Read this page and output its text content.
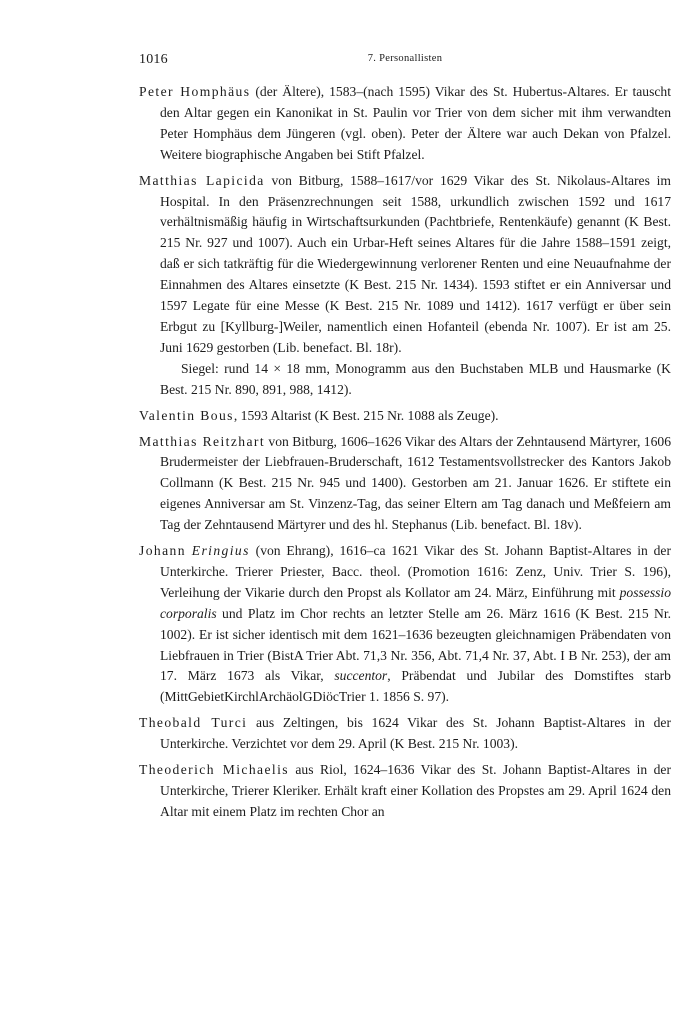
1016	7. Personallisten

Peter Homphäus (der Ältere), 1583–(nach 1595) Vikar des St. Hubertus-Altares. Er tauscht den Altar gegen ein Kanonikat in St. Paulin vor Trier von dem sicher mit ihm verwandten Peter Homphäus dem Jüngeren (vgl. oben). Peter der Ältere war auch Dekan von Pfalzel. Weitere biographische Angaben bei Stift Pfalzel.

Matthias Lapicida von Bitburg, 1588–1617/vor 1629 Vikar des St. Nikolaus-Altares im Hospital. In den Präsenzrechnungen seit 1588, urkundlich zwischen 1592 und 1617 verhältnismäßig häufig in Wirtschaftsurkunden (Pachtbriefe, Rentenkäufe) genannt (K Best. 215 Nr. 927 und 1007). Auch ein Urbar-Heft seines Altares für die Jahre 1588–1591 zeigt, daß er sich tatkräftig für die Wiedergewinnung verlorener Renten und eine Neuaufnahme der Einnahmen des Altares einsetzte (K Best. 215 Nr. 1434). 1593 stiftet er ein Anniversar und 1597 Legate für eine Messe (K Best. 215 Nr. 1089 und 1412). 1617 verfügt er über sein Erbgut zu [Kyllburg-]Weiler, namentlich einen Hofanteil (ebenda Nr. 1007). Er ist am 25. Juni 1629 gestorben (Lib. benefact. Bl. 18r).
Siegel: rund 14 × 18 mm, Monogramm aus den Buchstaben MLB und Hausmarke (K Best. 215 Nr. 890, 891, 988, 1412).

Valentin Bous, 1593 Altarist (K Best. 215 Nr. 1088 als Zeuge).

Matthias Reitzhart von Bitburg, 1606–1626 Vikar des Altars der Zehntausend Märtyrer, 1606 Brudermeister der Liebfrauen-Bruderschaft, 1612 Testamentsvollstrecker des Kantors Jakob Collmann (K Best. 215 Nr. 945 und 1400). Gestorben am 21. Januar 1626. Er stiftete ein eigenes Anniversar am St. Vinzenz-Tag, das seiner Eltern am Tag danach und Meßfeiern am Tag der Zehntausend Märtyrer und des hl. Stephanus (Lib. benefact. Bl. 18v).

Johann Eringius (von Ehrang), 1616–ca 1621 Vikar des St. Johann Baptist-Altares in der Unterkirche. Trierer Priester, Bacc. theol. (Promotion 1616: Zenz, Univ. Trier S. 196), Verleihung der Vikarie durch den Propst als Kollator am 24. März, Einführung mit possessio corporalis und Platz im Chor rechts an letzter Stelle am 26. März 1616 (K Best. 215 Nr. 1002). Er ist sicher identisch mit dem 1621–1636 bezeugten gleichnamigen Präbendaten von Liebfrauen in Trier (BistA Trier Abt. 71,3 Nr. 356, Abt. 71,4 Nr. 37, Abt. I B Nr. 253), der am 17. März 1673 als Vikar, succentor, Präbendat und Jubilar des Domstiftes starb (MittGebietKirchlArchäolGDiöcTrier 1. 1856 S. 97).

Theobald Turci aus Zeltingen, bis 1624 Vikar des St. Johann Baptist-Altares in der Unterkirche. Verzichtet vor dem 29. April (K Best. 215 Nr. 1003).

Theoderich Michaelis aus Riol, 1624–1636 Vikar des St. Johann Baptist-Altares in der Unterkirche, Trierer Kleriker. Erhält kraft einer Kollation des Propstes am 29. April 1624 den Altar mit einem Platz im rechten Chor an
